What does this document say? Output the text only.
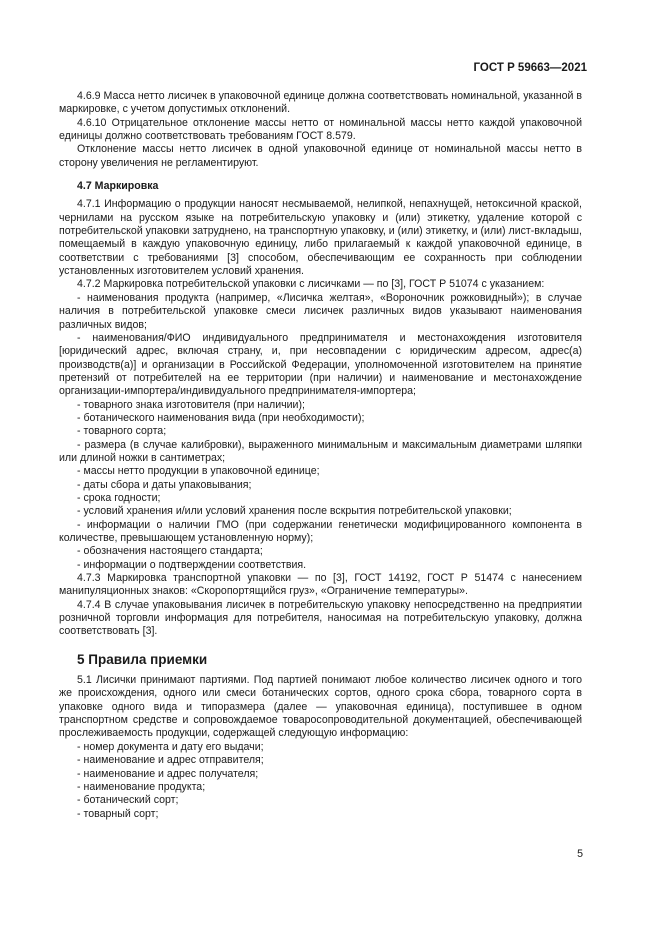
ГОСТ Р 59663—2021

4.6.9 Масса нетто лисичек в упаковочной единице должна соответствовать номинальной, указанной в маркировке, с учетом допустимых отклонений.

4.6.10 Отрицательное отклонение массы нетто от номинальной массы нетто каждой упаковочной единицы должно соответствовать требованиям ГОСТ 8.579.

Отклонение массы нетто лисичек в одной упаковочной единице от номинальной массы нетто в сторону увеличения не регламентируют.

4.7 Маркировка

4.7.1 Информацию о продукции наносят несмываемой, нелипкой, непахнущей, нетоксичной краской, чернилами на русском языке на потребительскую упаковку и (или) этикетку, удаление которой с потребительской упаковки затруднено, на транспортную упаковку, и (или) этикетку, и (или) лист-вкладыш, помещаемый в каждую упаковочную единицу, либо прилагаемый к каждой упаковочной единице, в соответствии с требованиями [3] способом, обеспечивающим ее сохранность при соблюдении установленных изготовителем условий хранения.

4.7.2 Маркировка потребительской упаковки с лисичками — по [3], ГОСТ Р 51074 с указанием:

- наименования продукта (например, «Лисичка желтая», «Вороночник рожковидный»); в случае наличия в потребительской упаковке смеси лисичек различных видов указывают наименования различных видов;

- наименования/ФИО индивидуального предпринимателя и местонахождения изготовителя [юридический адрес, включая страну, и, при несовпадении с юридическим адресом, адрес(а) производств(а)] и организации в Российской Федерации, уполномоченной изготовителем на принятие претензий от потребителей на ее территории (при наличии) и наименование и местонахождение организации-импортера/индивидуального предпринимателя-импортера;

- товарного знака изготовителя (при наличии);

- ботанического наименования вида (при необходимости);

- товарного сорта;

- размера (в случае калибровки), выраженного минимальным и максимальным диаметрами шляпки или длиной ножки в сантиметрах;

- массы нетто продукции в упаковочной единице;

- даты сбора и даты упаковывания;

- срока годности;

- условий хранения и/или условий хранения после вскрытия потребительской упаковки;

- информации о наличии ГМО (при содержании генетически модифицированного компонента в количестве, превышающем установленную норму);

- обозначения настоящего стандарта;

- информации о подтверждении соответствия.

4.7.3 Маркировка транспортной упаковки — по [3], ГОСТ 14192, ГОСТ Р 51474 с нанесением манипуляционных знаков: «Скоропортящийся груз», «Ограничение температуры».

4.7.4 В случае упаковывания лисичек в потребительскую упаковку непосредственно на предприятии розничной торговли информация для потребителя, наносимая на потребительскую упаковку, должна соответствовать [3].

5 Правила приемки

5.1 Лисички принимают партиями. Под партией понимают любое количество лисичек одного и того же происхождения, одного или смеси ботанических сортов, одного срока сбора, товарного сорта в упаковке одного вида и типоразмера (далее — упаковочная единица), поступившее в одном транспортном средстве и сопровождаемое товаросопроводительной документацией, обеспечивающей прослеживаемость продукции, содержащей следующую информацию:

- номер документа и дату его выдачи;

- наименование и адрес отправителя;

- наименование и адрес получателя;

- наименование продукта;

- ботанический сорт;

- товарный сорт;

5
